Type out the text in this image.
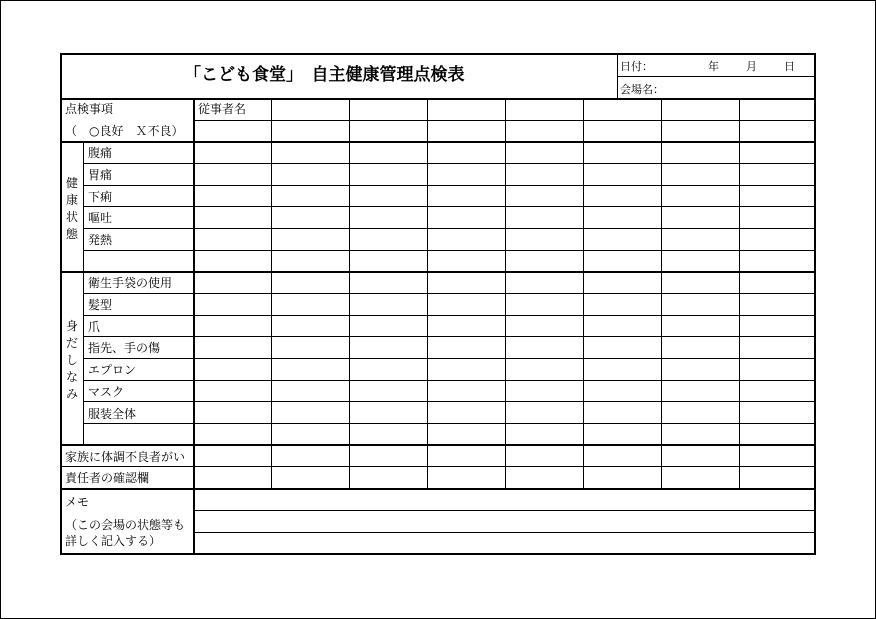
「こども食堂」　自主健康管理点検表	日付：	年 月 日
会場名：
点検事項
（　○良好　Ｘ不良）
従事者名
健
康
状
態
腹痛
胃痛
下痢
嘔吐
発熱
身
だ
し
な
み
衛生手袋の使用
髪型
爪
指先、手の傷
エプロン
マスク
服装全体
家族に体調不良者がい
責任者の確認欄
メモ
（この会場の状態等も
詳しく記入する）
